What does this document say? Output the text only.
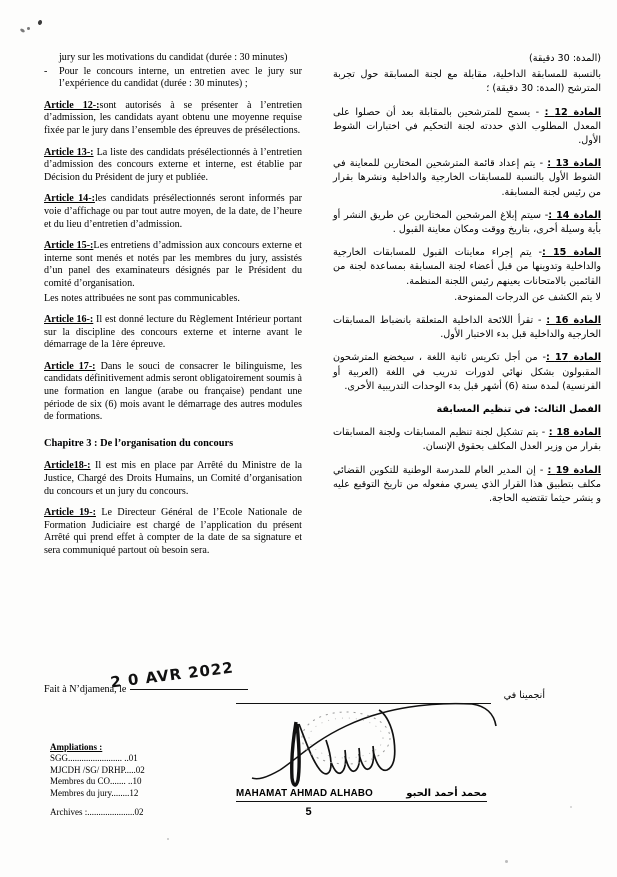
jury sur les motivations du candidat (durée : 30 minutes)
- Pour le concours interne, un entretien avec le jury sur l’expérience du candidat (durée : 30 minutes) ;

Article 12-:sont autorisés à se présenter à l’entretien d’admission, les candidats ayant obtenu une moyenne requise fixée par le jury dans l’ensemble des épreuves de présélections.

Article 13-: La liste des candidats présélectionnés à l’entretien d’admission des concours externe et interne, est établie par Décision du Président de jury et publiée.

Article 14-:les candidats présélectionnés seront informés par voie d’affichage ou par tout autre moyen, de la date, de l’heure et du lieu d’entretien d’admission.

Article 15-:Les entretiens d’admission aux concours externe et interne sont menés et notés par les membres du jury, assistés d’un panel des examinateurs désignés par le Président du comité d’organisation.

Les notes attribuées ne sont pas communicables.

Article 16-: Il est donné lecture du Règlement Intérieur portant sur la discipline des concours externe et interne avant le démarrage de la 1ère épreuve.

Article 17-: Dans le souci de consacrer le bilinguisme, les candidats définitivement admis seront obligatoirement soumis à une formation en langue (arabe ou française) pendant une période de six (6) mois avant le démarrage des autres modules de formations.

Chapitre 3 : De l’organisation du concours

Article18-: Il est mis en place par Arrêté du Ministre de la Justice, Chargé des Droits Humains, un Comité d’organisation du concours et un jury du concours.

Article 19-: Le Directeur Général de l’Ecole Nationale de Formation Judiciaire est chargé de l’application du présent Arrêté qui prend effet à compter de la date de sa signature et sera communiqué partout où besoin sera.

(المدة: 30 دقيقة)

بالنسبة للمسابقة الداخلية، مقابلة مع لجنة المسابقة حول تجربة المترشح (المدة: 30 دقيقة) ؛

المادة 12 : - يسمح للمترشحين بالمقابلة بعد أن حصلوا على المعدل المطلوب الذي حددته لجنة التحكيم في اختبارات الشوط الأول.

المادة 13 : - يتم إعداد قائمة المترشحين المختارين للمعاينة في الشوط الأول بالنسبة للمسابقات الخارجية والداخلية ونشرها بقرار من رئيس لجنة المسابقة.

المادة 14 :- سيتم إبلاغ المرشحين المختارين عن طريق النشر أو بأية وسيلة أخرى، بتاريخ ووقت ومكان معاينة القبول .

المادة 15 :- يتم إجراء معاينات القبول للمسابقات الخارجية والداخلية وتدوينها من قبل أعضاء لجنة المسابقة بمساعدة لجنة من القائمين بالامتحانات يعينهم رئيس اللجنة المنظمة.

لا يتم الكشف عن الدرجات الممنوحة.

المادة 16 : - تقرأ اللائحة الداخلية المتعلقة بانضباط المسابقات الخارجية والداخلية قبل بدء الاختبار الأول.

المادة 17 :- من أجل تكريس ثانية اللغة ، سيخضع المترشحون المقبولون بشكل نهائي لدورات تدريب في اللغة (العربية أو الفرنسية) لمدة ستة (6) أشهر قبل بدء الوحدات التدريبية الأخرى.

الفصل الثالث: في تنظيم المسابقة

المادة 18 : - يتم تشكيل لجنة تنظيم المسابقات ولجنة المسابقات بقرار من وزير العدل المكلف بحقوق الإنسان.

المادة 19 : - إن المدير العام للمدرسة الوطنية للتكوين القضائي مكلف بتطبيق هذا القرار الذي يسري مفعوله من تاريخ التوقيع عليه و ينشر حيثما تقتضيه الحاجة.

Fait à N’djamena, le
2 0 AVR 2022
أنجمينا في
Ampliations :
SGG........................ ..01
MJCDH /SG/ DRHP.....02
Membres du CO....... ..10
Membres du jury........12
Archives :.....................02
MAHAMAT AHMAD ALHABO	محمد أحمد الحبو
5
